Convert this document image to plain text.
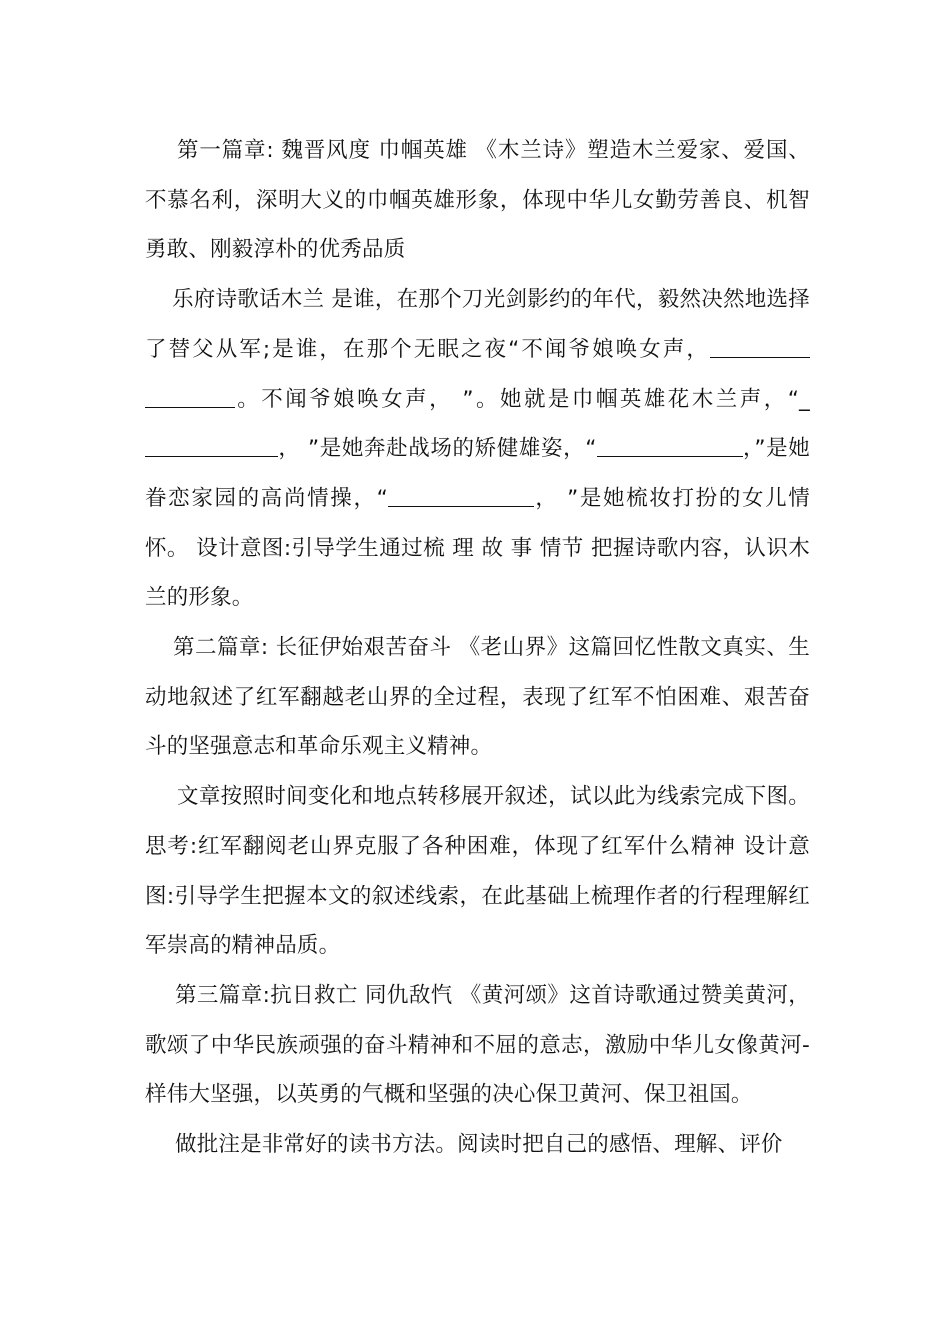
第一篇章: 魏晋风度 巾帼英雄 《木兰诗》塑造木兰爱家、爱国、不慕名利，深明大义的巾帼英雄形象，体现中华儿女勤劳善良、机智勇敢、刚毅淳朴的优秀品质

乐府诗歌话木兰 是谁，在那个刀光剑影约的年代，毅然决然地选择了替父从军;是谁，在那个无眠之夜“不闻爷娘唤女声，。不闻爷娘唤女声， ”。她就是巾帼英雄花木兰声，“_， ”是她奔赴战场的矫健雄姿，“	，”是她眷恋家园的高尚情操，“	， ”是她梳妆打扮的女儿情怀。 设计意图:引导学生通过梳 理 故 事 情节 把握诗歌内容，认识木兰的形象。

第二篇章: 长征伊始艰苦奋斗 《老山界》这篇回忆性散文真实、生动地叙述了红军翻越老山界的全过程，表现了红军不怕困难、艰苦奋斗的坚强意志和革命乐观主义精神。

文章按照时间变化和地点转移展开叙述，试以此为线索完成下图。思考:红军翻阅老山界克服了各种困难，体现了红军什么精神 设计意图:引导学生把握本文的叙述线索，在此基础上梳理作者的行程理解红军崇高的精神品质。

第三篇章:抗日救亡 同仇敌忾 《黄河颂》这首诗歌通过赞美黄河，歌颂了中华民族顽强的奋斗精神和不屈的意志，激励中华儿女像黄河-样伟大坚强，以英勇的气概和坚强的决心保卫黄河、保卫祖国。

做批注是非常好的读书方法。阅读时把自己的感悟、理解、评价
